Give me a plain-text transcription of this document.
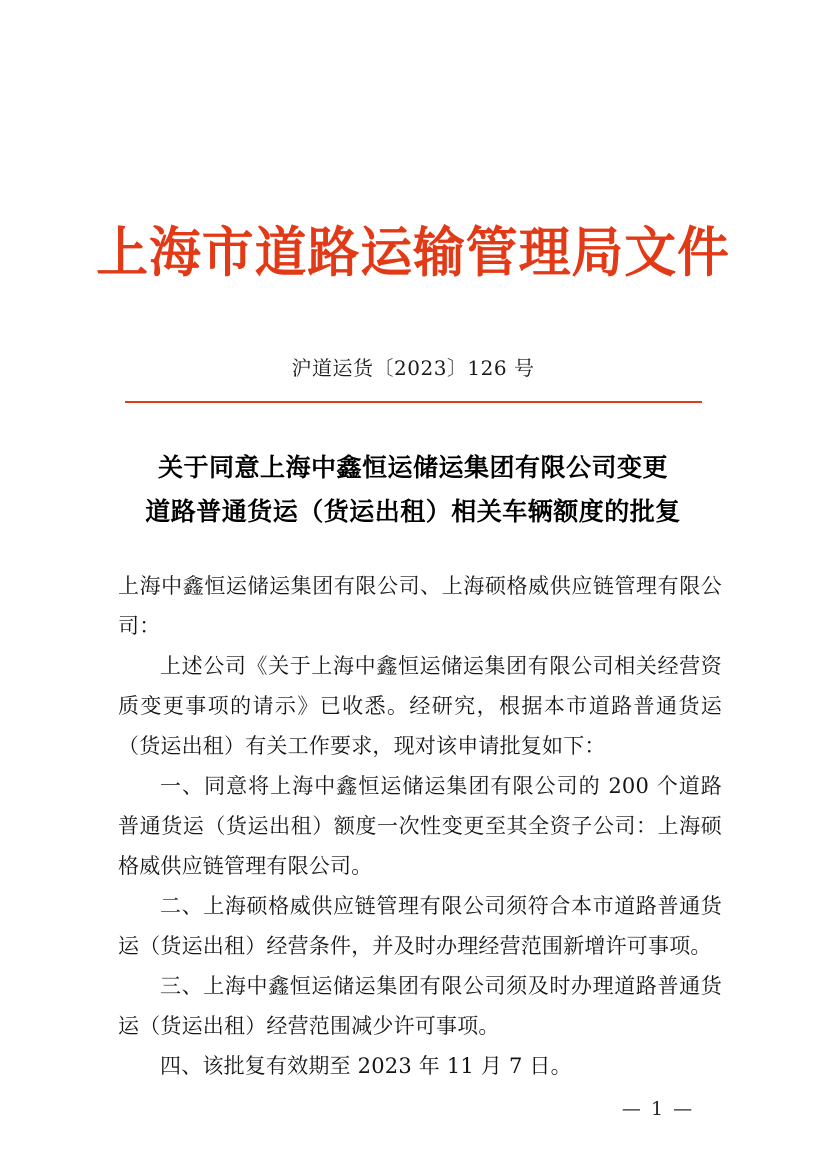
上海市道路运输管理局文件
沪道运货〔2023〕126 号
关于同意上海中鑫恒运储运集团有限公司变更
道路普通货运（货运出租）相关车辆额度的批复

上海中鑫恒运储运集团有限公司、上海硕格威供应链管理有限公司：

上述公司《关于上海中鑫恒运储运集团有限公司相关经营资质变更事项的请示》已收悉。经研究，根据本市道路普通货运（货运出租）有关工作要求，现对该申请批复如下：

一、同意将上海中鑫恒运储运集团有限公司的 200 个道路普通货运（货运出租）额度一次性变更至其全资子公司：上海硕格威供应链管理有限公司。

二、上海硕格威供应链管理有限公司须符合本市道路普通货运（货运出租）经营条件，并及时办理经营范围新增许可事项。

三、上海中鑫恒运储运集团有限公司须及时办理道路普通货运（货运出租）经营范围减少许可事项。

四、该批复有效期至 2023 年 11 月 7 日。

— 1 —
